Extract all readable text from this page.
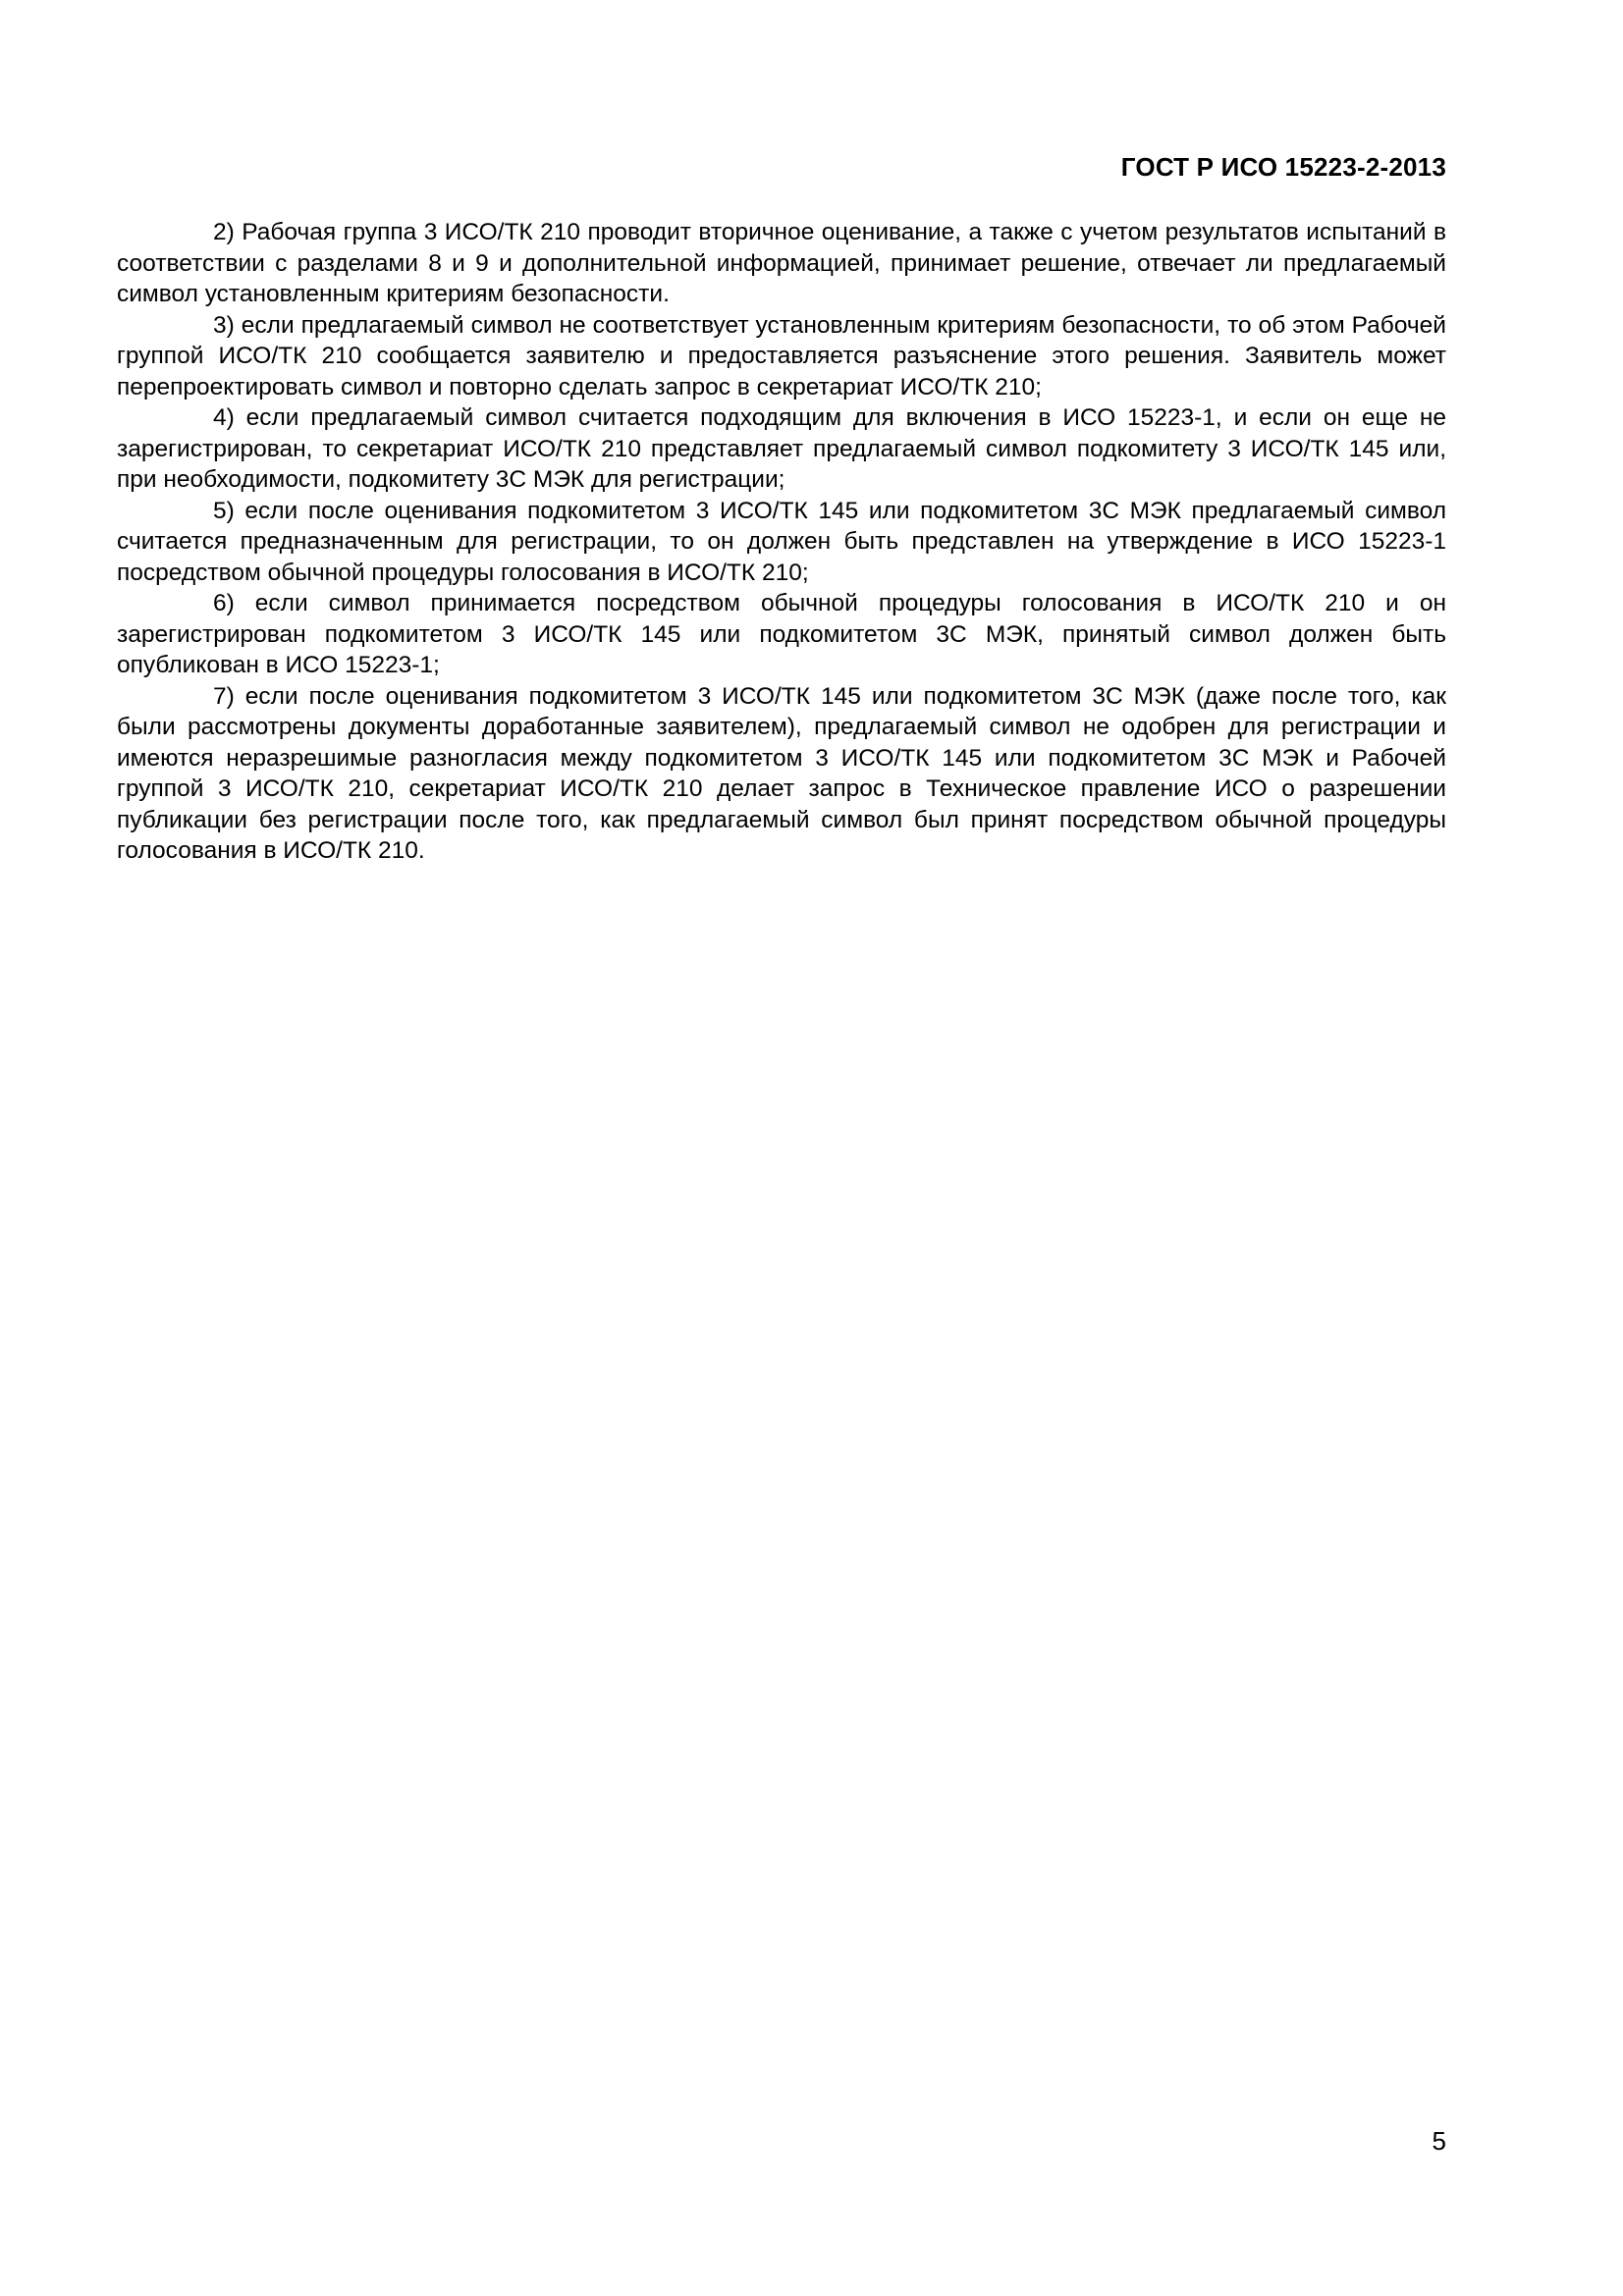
ГОСТ Р ИСО 15223-2-2013

2) Рабочая группа 3 ИСО/ТК 210 проводит вторичное оценивание, а также с учетом результатов испытаний в соответствии с разделами 8 и 9 и дополнительной информацией, принимает решение, отвечает ли предлагаемый символ установленным критериям безопасности.

3) если предлагаемый символ не соответствует установленным критериям безопасности, то об этом Рабочей группой ИСО/ТК 210 сообщается заявителю и предоставляется разъяснение этого решения. Заявитель может перепроектировать символ и повторно сделать запрос в секретариат ИСО/ТК 210;

4) если предлагаемый символ считается подходящим для включения в ИСО 15223-1, и если он еще не зарегистрирован, то секретариат ИСО/ТК 210 представляет предлагаемый символ подкомитету 3 ИСО/ТК 145 или, при необходимости, подкомитету 3С МЭК для регистрации;

5) если после оценивания подкомитетом 3 ИСО/ТК 145 или подкомитетом 3С МЭК предлагаемый символ считается предназначенным для регистрации, то он должен быть представлен на утверждение в ИСО 15223-1 посредством обычной процедуры голосования в ИСО/ТК 210;

6) если символ принимается посредством обычной процедуры голосования в ИСО/ТК 210 и он зарегистрирован подкомитетом 3 ИСО/ТК 145 или подкомитетом 3С МЭК, принятый символ должен быть опубликован в ИСО 15223-1;

7) если после оценивания подкомитетом 3 ИСО/ТК 145 или подкомитетом 3С МЭК (даже после того, как были рассмотрены документы доработанные заявителем), предлагаемый символ не одобрен для регистрации и имеются неразрешимые разногласия между подкомитетом 3 ИСО/ТК 145 или подкомитетом 3С МЭК и Рабочей группой 3 ИСО/ТК 210, секретариат ИСО/ТК 210 делает запрос в Техническое правление ИСО о разрешении публикации без регистрации после того, как предлагаемый символ был принят посредством обычной процедуры голосования в ИСО/ТК 210.

5
